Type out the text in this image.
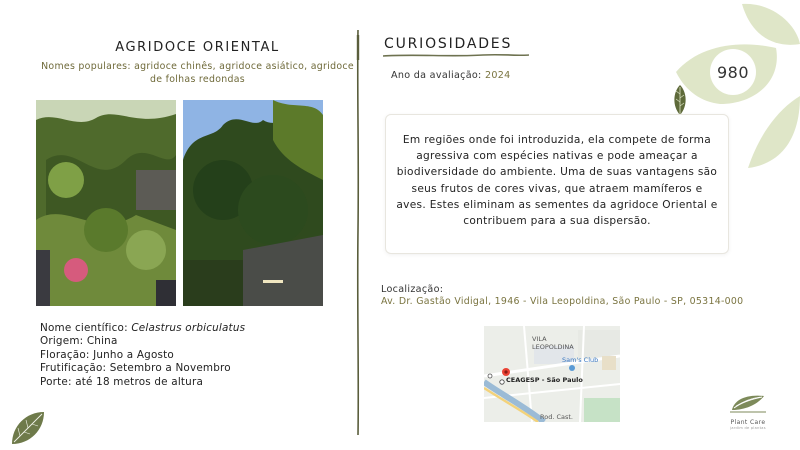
980
AGRIDOCE ORIENTAL
Nomes populares: agridoce chinês, agridoce asiático, agridoce de folhas redondas
Nome científico: Celastrus orbiculatus
Origem: China
Floração: Junho a Agosto
Frutificação: Setembro a Novembro
Porte: até 18 metros de altura
CURIOSIDADES
Ano da avaliação: 2024
Em regiões onde foi introduzida, ela compete de forma agressiva com espécies nativas e pode ameaçar a biodiversidade do ambiente. Uma de suas vantagens são seus frutos de cores vivas, que atraem mamíferos e aves. Estes eliminam as sementes da agridoce Oriental e contribuem para a sua dispersão.
Localização:
Av. Dr. Gastão Vidigal, 1946 - Vila Leopoldina, São Paulo - SP, 05314-000
VILA
LEOPOLDINA
Sam's Club
CEAGESP - São Paulo
Rod. Cast.
Plant Care
jardim de plantas
